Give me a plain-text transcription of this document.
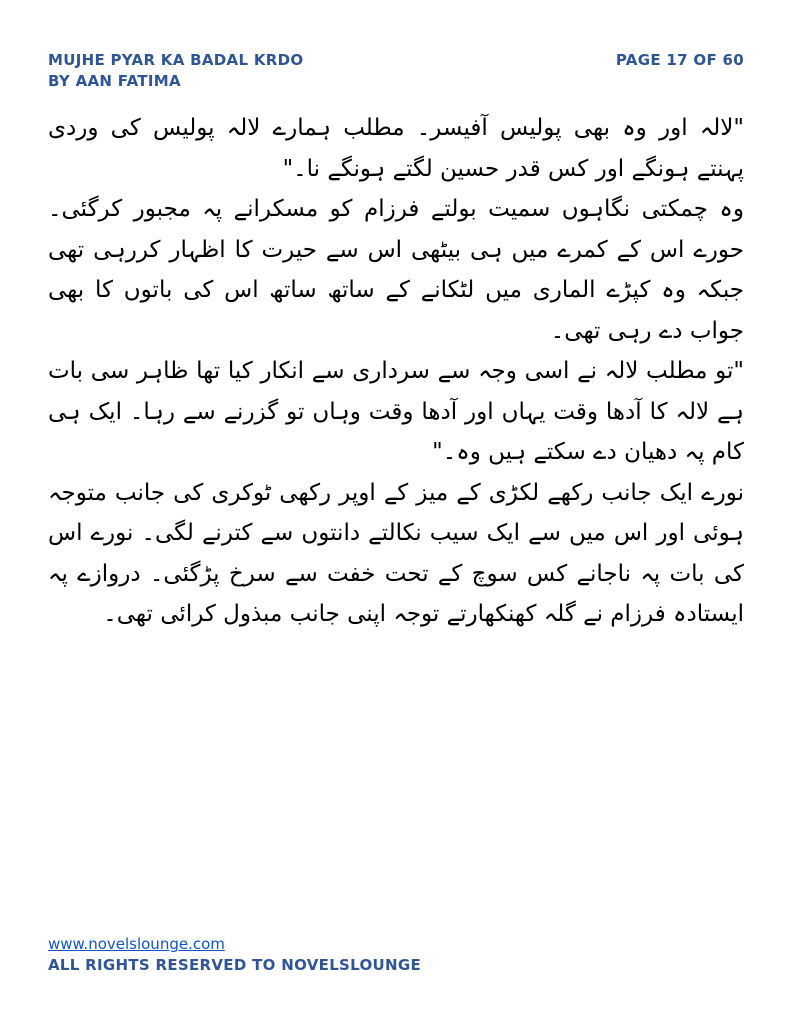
MUJHE PYAR KA BADAL KRDO
BY AAN FATIMA
PAGE 17 OF 60

"لالہ اور وہ بھی پولیس آفیسر۔ مطلب ہمارے لالہ پولیس کی وردی پہنتے ہونگے اور کس قدر حسین لگتے ہونگے نا۔"

وہ چمکتی نگاہوں سمیت بولتے فرزام کو مسکرانے پہ مجبور کرگئی۔ حورے اس کے کمرے میں ہی بیٹھی اس سے حیرت کا اظہار کررہی تھی جبکہ وہ کپڑے الماری میں لٹکانے کے ساتھ ساتھ اس کی باتوں کا بھی جواب دے رہی تھی۔

"تو مطلب لالہ نے اسی وجہ سے سرداری سے انکار کیا تھا ظاہر سی بات ہے لالہ کا آدھا وقت یہاں اور آدھا وقت وہاں تو گزرنے سے رہا۔ ایک ہی کام پہ دھیان دے سکتے ہیں وہ۔"

نورے ایک جانب رکھے لکڑی کے میز کے اوپر رکھی ٹوکری کی جانب متوجہ ہوئی اور اس میں سے ایک سیب نکالتے دانتوں سے کترنے لگی۔ نورے اس کی بات پہ ناجانے کس سوچ کے تحت خفت سے سرخ پڑگئی۔ دروازے پہ ایستادہ فرزام نے گلہ کھنکھارتے توجہ اپنی جانب مبذول کرائی تھی۔

www.novelslounge.com
ALL RIGHTS RESERVED TO NOVELSLOUNGE
